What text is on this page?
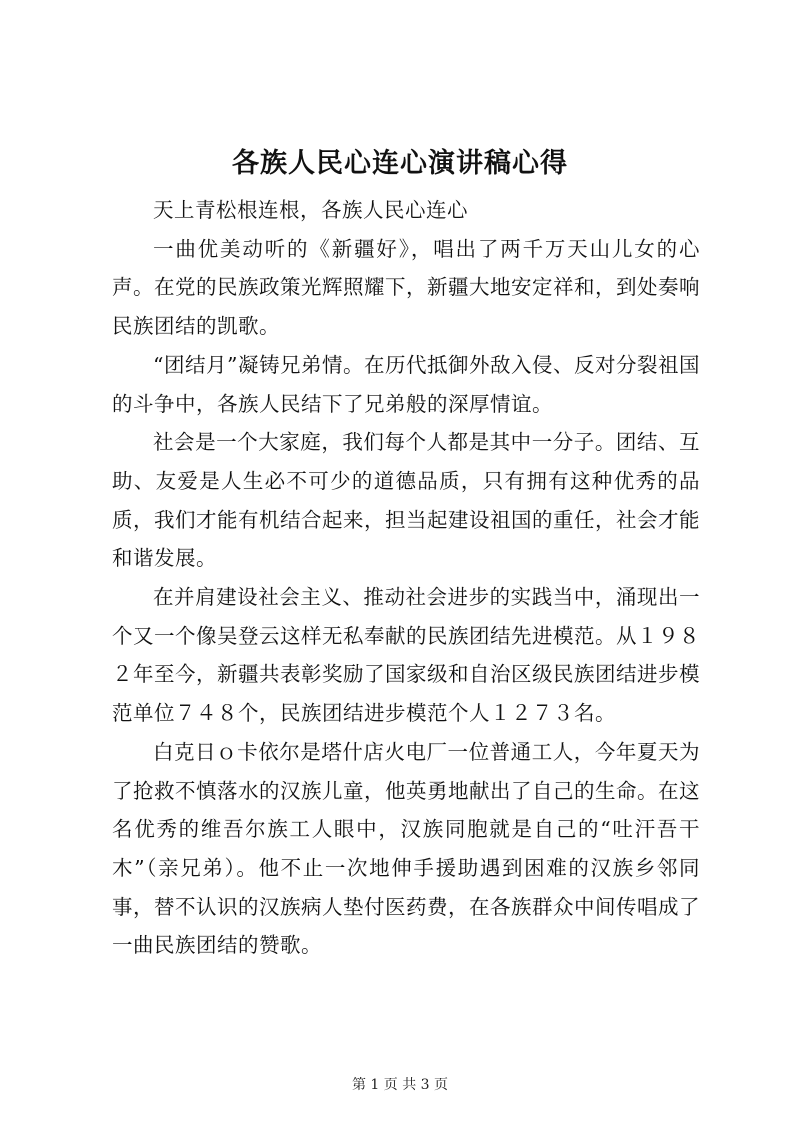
各族人民心连心演讲稿心得

天上青松根连根，各族人民心连心

一曲优美动听的《新疆好》，唱出了两千万天山儿女的心声。在党的民族政策光辉照耀下，新疆大地安定祥和，到处奏响民族团结的凯歌。

“团结月”凝铸兄弟情。在历代抵御外敌入侵、反对分裂祖国的斗争中，各族人民结下了兄弟般的深厚情谊。

社会是一个大家庭，我们每个人都是其中一分子。团结、互助、友爱是人生必不可少的道德品质，只有拥有这种优秀的品质，我们才能有机结合起来，担当起建设祖国的重任，社会才能和谐发展。

在并肩建设社会主义、推动社会进步的实践当中，涌现出一个又一个像吴登云这样无私奉献的民族团结先进模范。从１９８２年至今，新疆共表彰奖励了国家级和自治区级民族团结进步模范单位７４８个，民族团结进步模范个人１２７３名。

白克日ｏ卡依尔是塔什店火电厂一位普通工人，今年夏天为了抢救不慎落水的汉族儿童，他英勇地献出了自己的生命。在这名优秀的维吾尔族工人眼中，汉族同胞就是自己的“吐汗吾干木”（亲兄弟）。他不止一次地伸手援助遇到困难的汉族乡邻同事，替不认识的汉族病人垫付医药费，在各族群众中间传唱成了一曲民族团结的赞歌。

第 1 页 共 3 页
